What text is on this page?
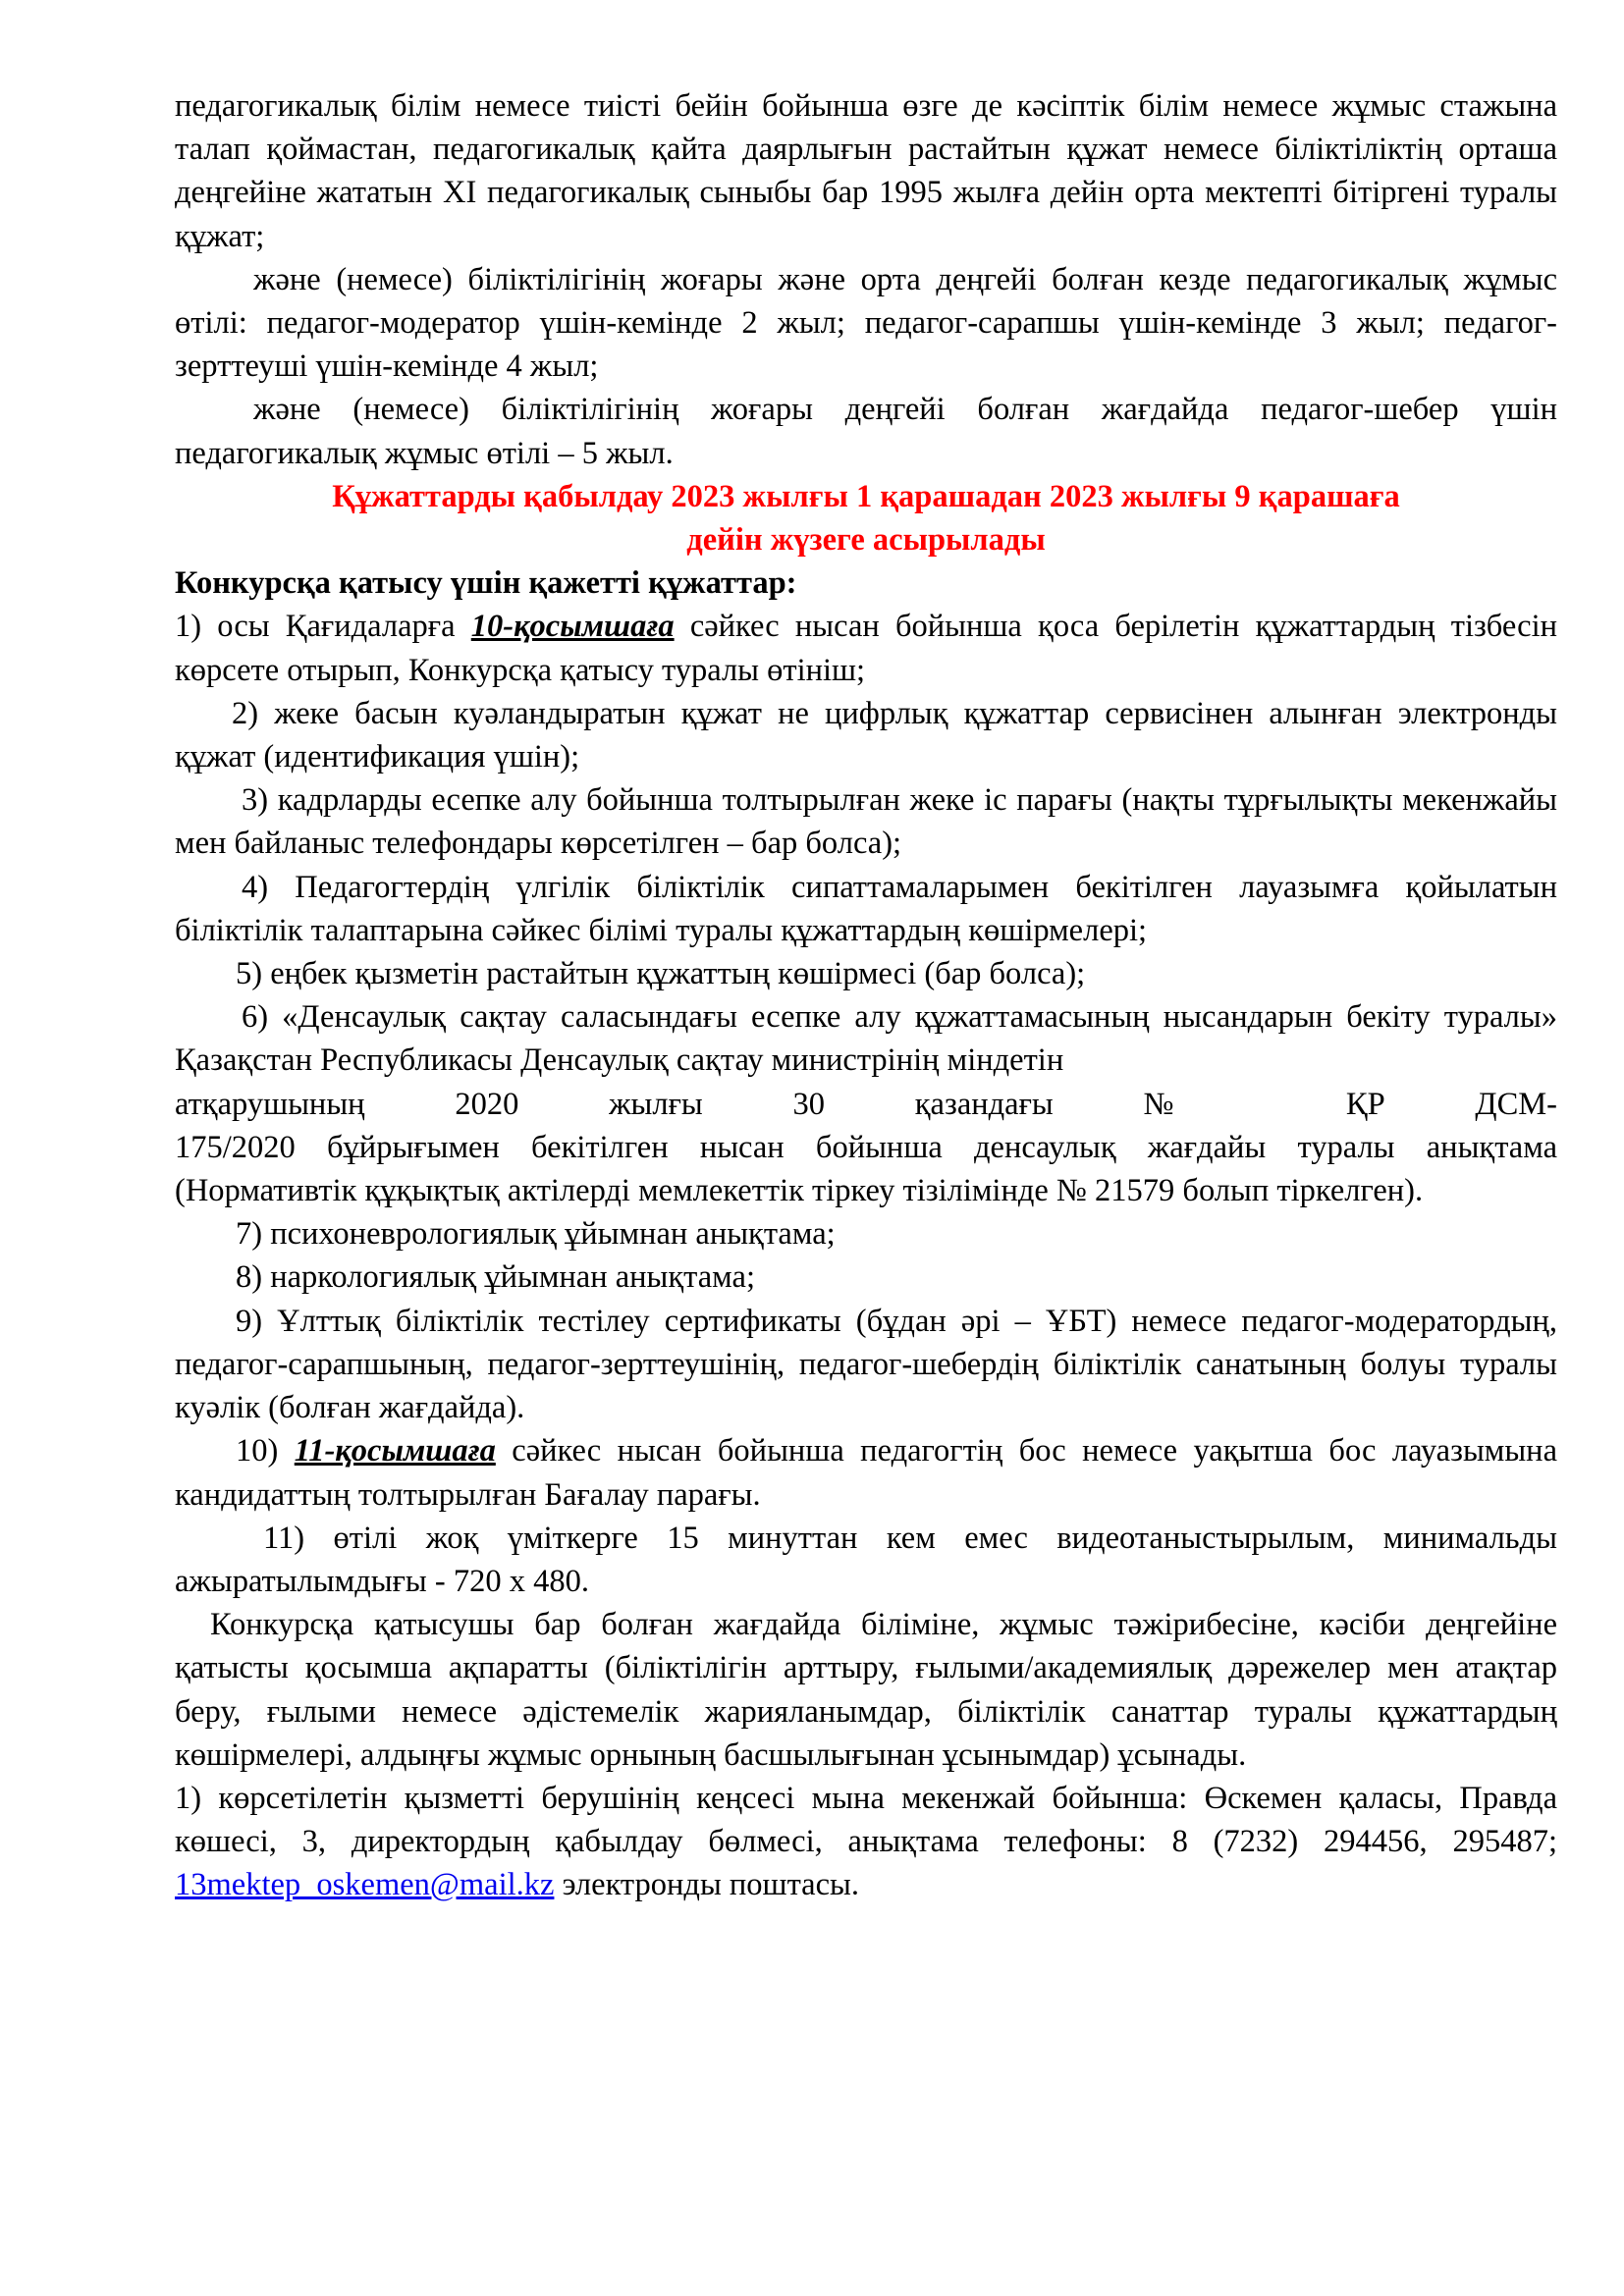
педагогикалық білім немесе тиісті бейін бойынша өзге де кәсіптік білім немесе жұмыс стажына талап қоймастан, педагогикалық қайта даярлығын растайтын құжат немесе біліктіліктің орташа деңгейіне жататын XI педагогикалық сыныбы бар 1995 жылға дейін орта мектепті бітіргені туралы құжат;

және (немесе) біліктілігінің жоғары және орта деңгейі болған кезде педагогикалық жұмыс өтілі: педагог-модератор үшін-кемінде 2 жыл; педагог-сарапшы үшін-кемінде 3 жыл; педагог-зерттеуші үшін-кемінде 4 жыл;

және (немесе) біліктілігінің жоғары деңгейі болған жағдайда педагог-шебер үшін педагогикалық жұмыс өтілі – 5 жыл.

Құжаттарды қабылдау 2023 жылғы 1 қарашадан 2023 жылғы 9 қарашаға
дейін жүзеге асырылады

Конкурсқа қатысу үшін қажетті құжаттар:

1) осы Қағидаларға 10-қосымшаға сәйкес нысан бойынша қоса берілетін құжаттардың тізбесін көрсете отырып, Конкурсқа қатысу туралы өтініш;

2) жеке басын куәландыратын құжат не цифрлық құжаттар сервисінен алынған электронды құжат (идентификация үшін);

3) кадрларды есепке алу бойынша толтырылған жеке іс парағы (нақты тұрғылықты мекенжайы мен байланыс телефондары көрсетілген – бар болса);

4) Педагогтердің үлгілік біліктілік сипаттамаларымен бекітілген лауазымға қойылатын біліктілік талаптарына сәйкес білімі туралы құжаттардың көшірмелері;

5) еңбек қызметін растайтын құжаттың көшірмесі (бар болса);

6) «Денсаулық сақтау саласындағы есепке алу құжаттамасының нысандарын бекіту туралы» Қазақстан Республикасы Денсаулық сақтау министрінің міндетін

атқарушының 2020 жылғы 30 қазандағы № ҚР ДСМ-

175/2020 бұйрығымен бекітілген нысан бойынша денсаулық жағдайы туралы анықтама (Нормативтік құқықтық актілерді мемлекеттік тіркеу тізілімінде № 21579 болып тіркелген).

7) психоневрологиялық ұйымнан анықтама;

8) наркологиялық ұйымнан анықтама;

9) Ұлттық біліктілік тестілеу сертификаты (бұдан әрі – ҰБТ) немесе педагог-модератордың, педагог-сарапшының, педагог-зерттеушінің, педагог-шебердің біліктілік санатының болуы туралы куәлік (болған жағдайда).

10) 11-қосымшаға сәйкес нысан бойынша педагогтің бос немесе уақытша бос лауазымына кандидаттың толтырылған Бағалау парағы.

11) өтілі жоқ үміткерге 15 минуттан кем емес видеотаныстырылым, минимальды ажыратылымдығы - 720 x 480.

Конкурсқа қатысушы бар болған жағдайда біліміне, жұмыс тәжірибесіне, кәсіби деңгейіне қатысты қосымша ақпаратты (біліктілігін арттыру, ғылыми/академиялық дәрежелер мен атақтар беру, ғылыми немесе әдістемелік жарияланымдар, біліктілік санаттар туралы құжаттардың көшірмелері, алдыңғы жұмыс орнының басшылығынан ұсынымдар) ұсынады.

1) көрсетілетін қызметті берушінің кеңсесі мына мекенжай бойынша: Өскемен қаласы, Правда көшесі, 3, директордың қабылдау бөлмесі, анықтама телефоны: 8 (7232) 294456, 295487; 13mektep_oskemen@mail.kz электронды поштасы.
